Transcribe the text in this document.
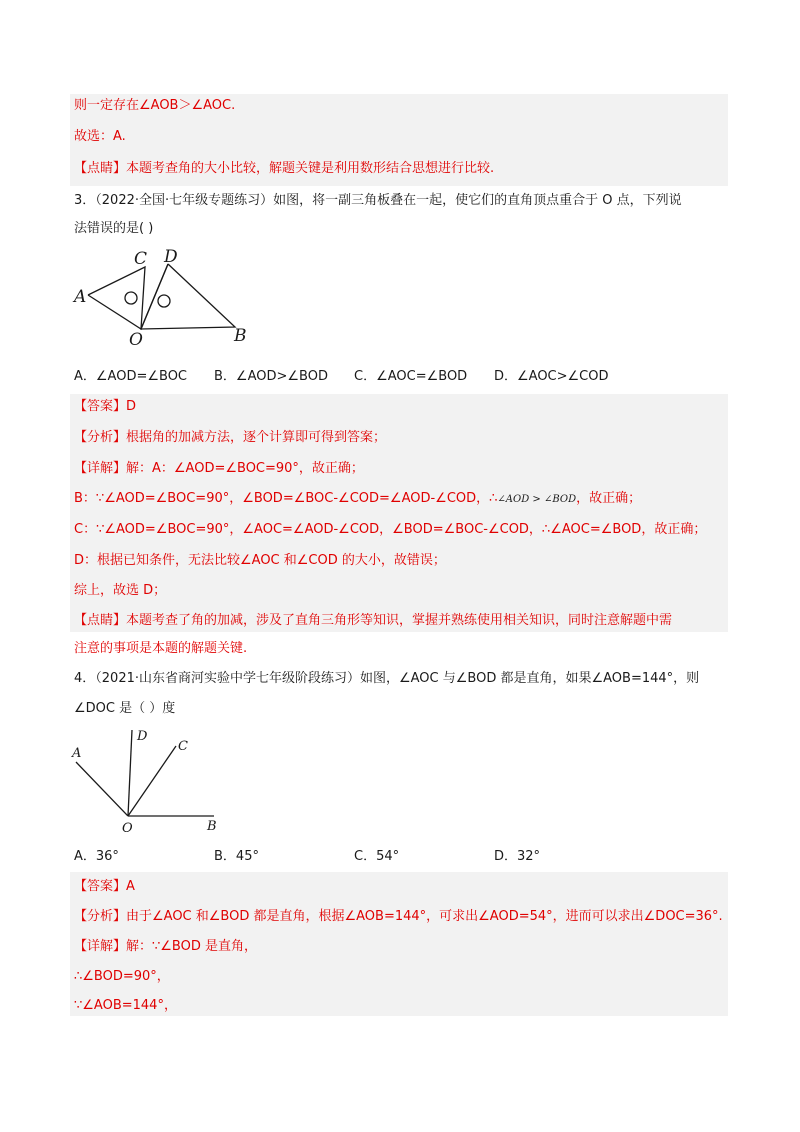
则一定存在∠AOB＞∠AOC.
故选：A.
【点睛】本题考查角的大小比较，解题关键是利用数形结合思想进行比较.
3．（2022·全国·七年级专题练习）如图，将一副三角板叠在一起，使它们的直角顶点重合于 O 点，下列说
法错误的是( )
A
C D
O	B
A．∠AOD=∠BOC B．∠AOD>∠BOD C．∠AOC=∠BOD D．∠AOC>∠COD
【答案】D
【分析】根据角的加减方法，逐个计算即可得到答案；
【详解】解：A：∠AOD=∠BOC=90°，故正确；
B：∵∠AOD=∠BOC=90°，∠BOD=∠BOC-∠COD=∠AOD-∠COD，∴∠AOD > ∠BOD，故正确；
C：∵∠AOD=∠BOC=90°，∠AOC=∠AOD-∠COD，∠BOD=∠BOC-∠COD，∴∠AOC=∠BOD，故正确；
D：根据已知条件，无法比较∠AOC 和∠COD 的大小，故错误；
综上，故选 D；
【点睛】本题考查了角的加减，涉及了直角三角形等知识，掌握并熟练使用相关知识，同时注意解题中需
注意的事项是本题的解题关键.
4．（2021·山东省商河实验中学七年级阶段练习）如图，∠AOC 与∠BOD 都是直角，如果∠AOB=144°，则
∠DOC 是（ ）度
A
D
C
O	B
A．36°	B．45°	C．54°	D．32°
【答案】A
【分析】由于∠AOC 和∠BOD 都是直角，根据∠AOB=144°，可求出∠AOD=54°，进而可以求出∠DOC=36°.
【详解】解：∵∠BOD 是直角，
∴∠BOD=90°，
∵∠AOB=144°，
